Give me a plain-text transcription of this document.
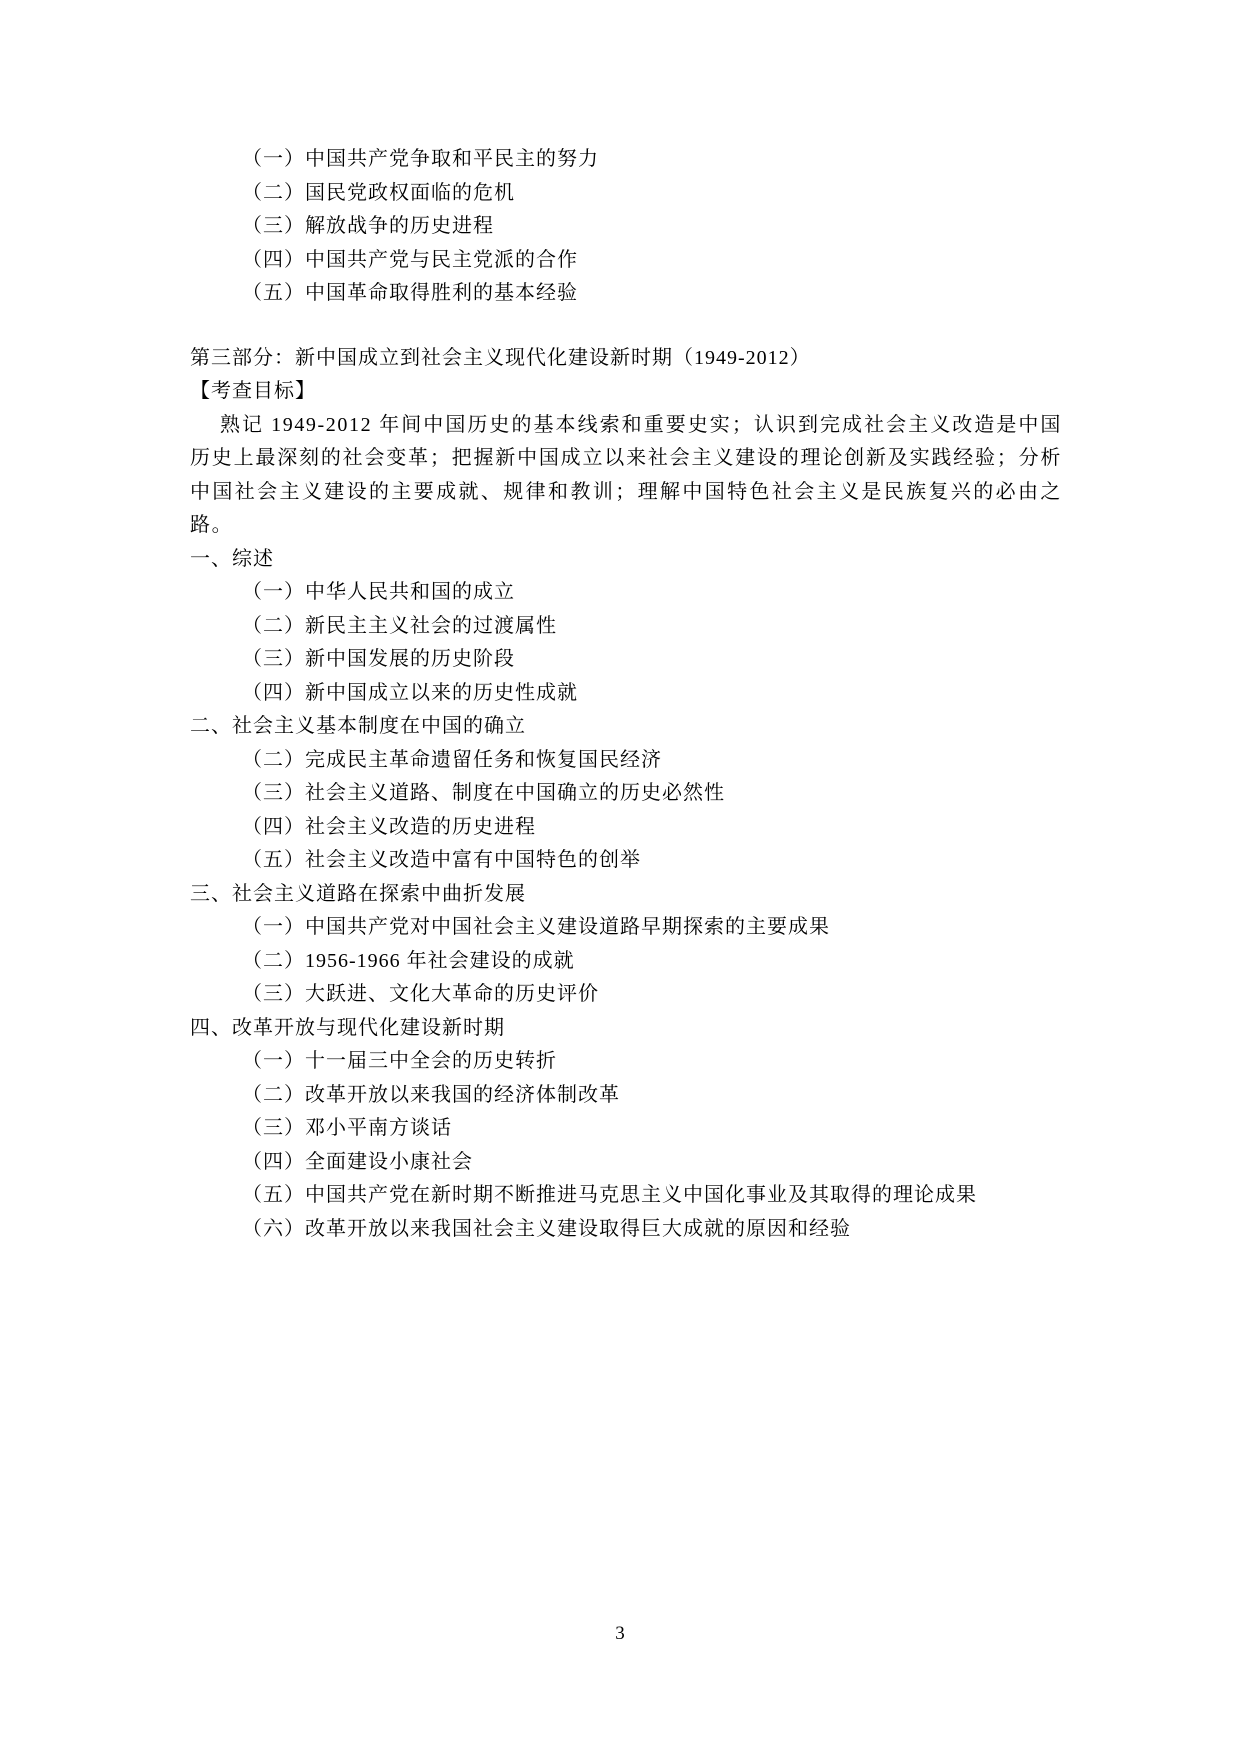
（一）中国共产党争取和平民主的努力
（二）国民党政权面临的危机
（三）解放战争的历史进程
（四）中国共产党与民主党派的合作
（五）中国革命取得胜利的基本经验
第三部分：新中国成立到社会主义现代化建设新时期（1949-2012）
【考查目标】
熟记 1949-2012 年间中国历史的基本线索和重要史实；认识到完成社会主义改造是中国历史上最深刻的社会变革；把握新中国成立以来社会主义建设的理论创新及实践经验；分析中国社会主义建设的主要成就、规律和教训；理解中国特色社会主义是民族复兴的必由之路。
一、综述
（一）中华人民共和国的成立
（二）新民主主义社会的过渡属性
（三）新中国发展的历史阶段
（四）新中国成立以来的历史性成就
二、社会主义基本制度在中国的确立
（二）完成民主革命遗留任务和恢复国民经济
（三）社会主义道路、制度在中国确立的历史必然性
（四）社会主义改造的历史进程
（五）社会主义改造中富有中国特色的创举
三、社会主义道路在探索中曲折发展
（一）中国共产党对中国社会主义建设道路早期探索的主要成果
（二）1956-1966 年社会建设的成就
（三）大跃进、文化大革命的历史评价
四、改革开放与现代化建设新时期
（一）十一届三中全会的历史转折
（二）改革开放以来我国的经济体制改革
（三）邓小平南方谈话
（四）全面建设小康社会
（五）中国共产党在新时期不断推进马克思主义中国化事业及其取得的理论成果
（六）改革开放以来我国社会主义建设取得巨大成就的原因和经验
3
